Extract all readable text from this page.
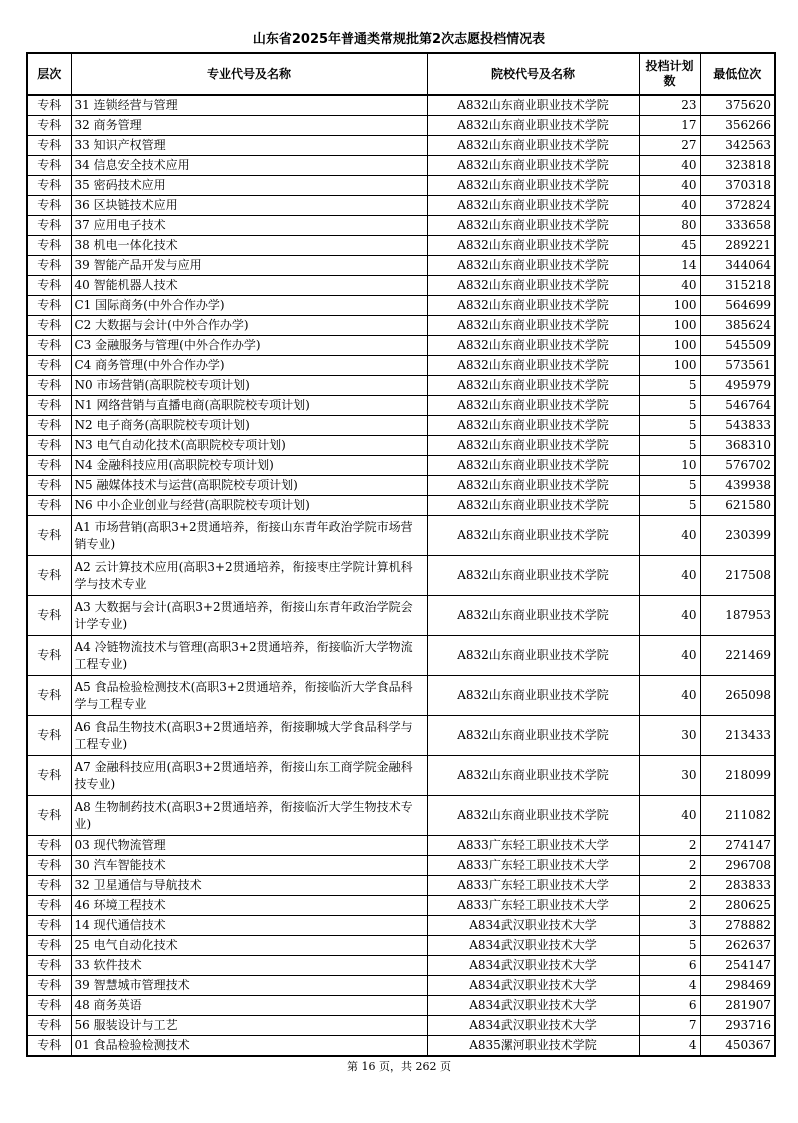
山东省2025年普通类常规批第2次志愿投档情况表
层次	专业代号及名称	院校代号及名称	投档计划数	最低位次
专科	31 连锁经营与管理	A832山东商业职业技术学院	23	375620
专科	32 商务管理	A832山东商业职业技术学院	17	356266
专科	33 知识产权管理	A832山东商业职业技术学院	27	342563
专科	34 信息安全技术应用	A832山东商业职业技术学院	40	323818
专科	35 密码技术应用	A832山东商业职业技术学院	40	370318
专科	36 区块链技术应用	A832山东商业职业技术学院	40	372824
专科	37 应用电子技术	A832山东商业职业技术学院	80	333658
专科	38 机电一体化技术	A832山东商业职业技术学院	45	289221
专科	39 智能产品开发与应用	A832山东商业职业技术学院	14	344064
专科	40 智能机器人技术	A832山东商业职业技术学院	40	315218
专科	C1 国际商务(中外合作办学)	A832山东商业职业技术学院	100	564699
专科	C2 大数据与会计(中外合作办学)	A832山东商业职业技术学院	100	385624
专科	C3 金融服务与管理(中外合作办学)	A832山东商业职业技术学院	100	545509
专科	C4 商务管理(中外合作办学)	A832山东商业职业技术学院	100	573561
专科	N0 市场营销(高职院校专项计划)	A832山东商业职业技术学院	5	495979
专科	N1 网络营销与直播电商(高职院校专项计划)	A832山东商业职业技术学院	5	546764
专科	N2 电子商务(高职院校专项计划)	A832山东商业职业技术学院	5	543833
专科	N3 电气自动化技术(高职院校专项计划)	A832山东商业职业技术学院	5	368310
专科	N4 金融科技应用(高职院校专项计划)	A832山东商业职业技术学院	10	576702
专科	N5 融媒体技术与运营(高职院校专项计划)	A832山东商业职业技术学院	5	439938
专科	N6 中小企业创业与经营(高职院校专项计划)	A832山东商业职业技术学院	5	621580
专科	A1 市场营销(高职3+2贯通培养，衔接山东青年政治学院市场营销专业)	A832山东商业职业技术学院	40	230399
专科	A2 云计算技术应用(高职3+2贯通培养，衔接枣庄学院计算机科学与技术专业	A832山东商业职业技术学院	40	217508
专科	A3 大数据与会计(高职3+2贯通培养，衔接山东青年政治学院会计学专业)	A832山东商业职业技术学院	40	187953
专科	A4 冷链物流技术与管理(高职3+2贯通培养，衔接临沂大学物流工程专业)	A832山东商业职业技术学院	40	221469
专科	A5 食品检验检测技术(高职3+2贯通培养，衔接临沂大学食品科学与工程专业	A832山东商业职业技术学院	40	265098
专科	A6 食品生物技术(高职3+2贯通培养，衔接聊城大学食品科学与工程专业)	A832山东商业职业技术学院	30	213433
专科	A7 金融科技应用(高职3+2贯通培养，衔接山东工商学院金融科技专业)	A832山东商业职业技术学院	30	218099
专科	A8 生物制药技术(高职3+2贯通培养，衔接临沂大学生物技术专业)	A832山东商业职业技术学院	40	211082
专科	03 现代物流管理	A833广东轻工职业技术大学	2	274147
专科	30 汽车智能技术	A833广东轻工职业技术大学	2	296708
专科	32 卫星通信与导航技术	A833广东轻工职业技术大学	2	283833
专科	46 环境工程技术	A833广东轻工职业技术大学	2	280625
专科	14 现代通信技术	A834武汉职业技术大学	3	278882
专科	25 电气自动化技术	A834武汉职业技术大学	5	262637
专科	33 软件技术	A834武汉职业技术大学	6	254147
专科	39 智慧城市管理技术	A834武汉职业技术大学	4	298469
专科	48 商务英语	A834武汉职业技术大学	6	281907
专科	56 服装设计与工艺	A834武汉职业技术大学	7	293716
专科	01 食品检验检测技术	A835漯河职业技术学院	4	450367
第 16 页，共 262 页
